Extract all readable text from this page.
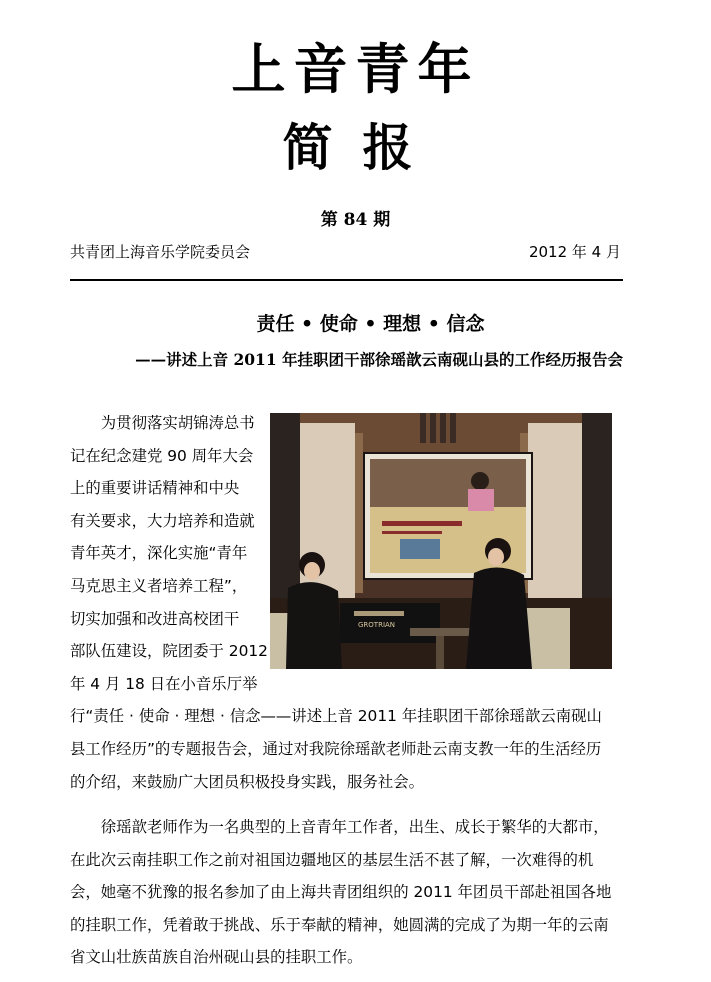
上音青年
简报
第 84 期
共青团上海音乐学院委员会	2012 年 4 月
责任 • 使命 • 理想 • 信念
——讲述上音 2011 年挂职团干部徐瑶歆云南砚山县的工作经历报告会
GROTRIAN

　　为贯彻落实胡锦涛总书
记在纪念建党 90 周年大会
上的重要讲话精神和中央
有关要求，大力培养和造就
青年英才，深化实施“青年
马克思主义者培养工程”，
切实加强和改进高校团干
部队伍建设，院团委于 2012
年 4 月 18 日在小音乐厅举
行“责任 · 使命 · 理想 · 信念——讲述上音 2011 年挂职团干部徐瑶歆云南砚山
县工作经历”的专题报告会，通过对我院徐瑶歆老师赴云南支教一年的生活经历
的介绍，来鼓励广大团员积极投身实践，服务社会。

　　徐瑶歆老师作为一名典型的上音青年工作者，出生、成长于繁华的大都市，
在此次云南挂职工作之前对祖国边疆地区的基层生活不甚了解，一次难得的机
会，她毫不犹豫的报名参加了由上海共青团组织的 2011 年团员干部赴祖国各地
的挂职工作，凭着敢于挑战、乐于奉献的精神，她圆满的完成了为期一年的云南
省文山壮族苗族自治州砚山县的挂职工作。
